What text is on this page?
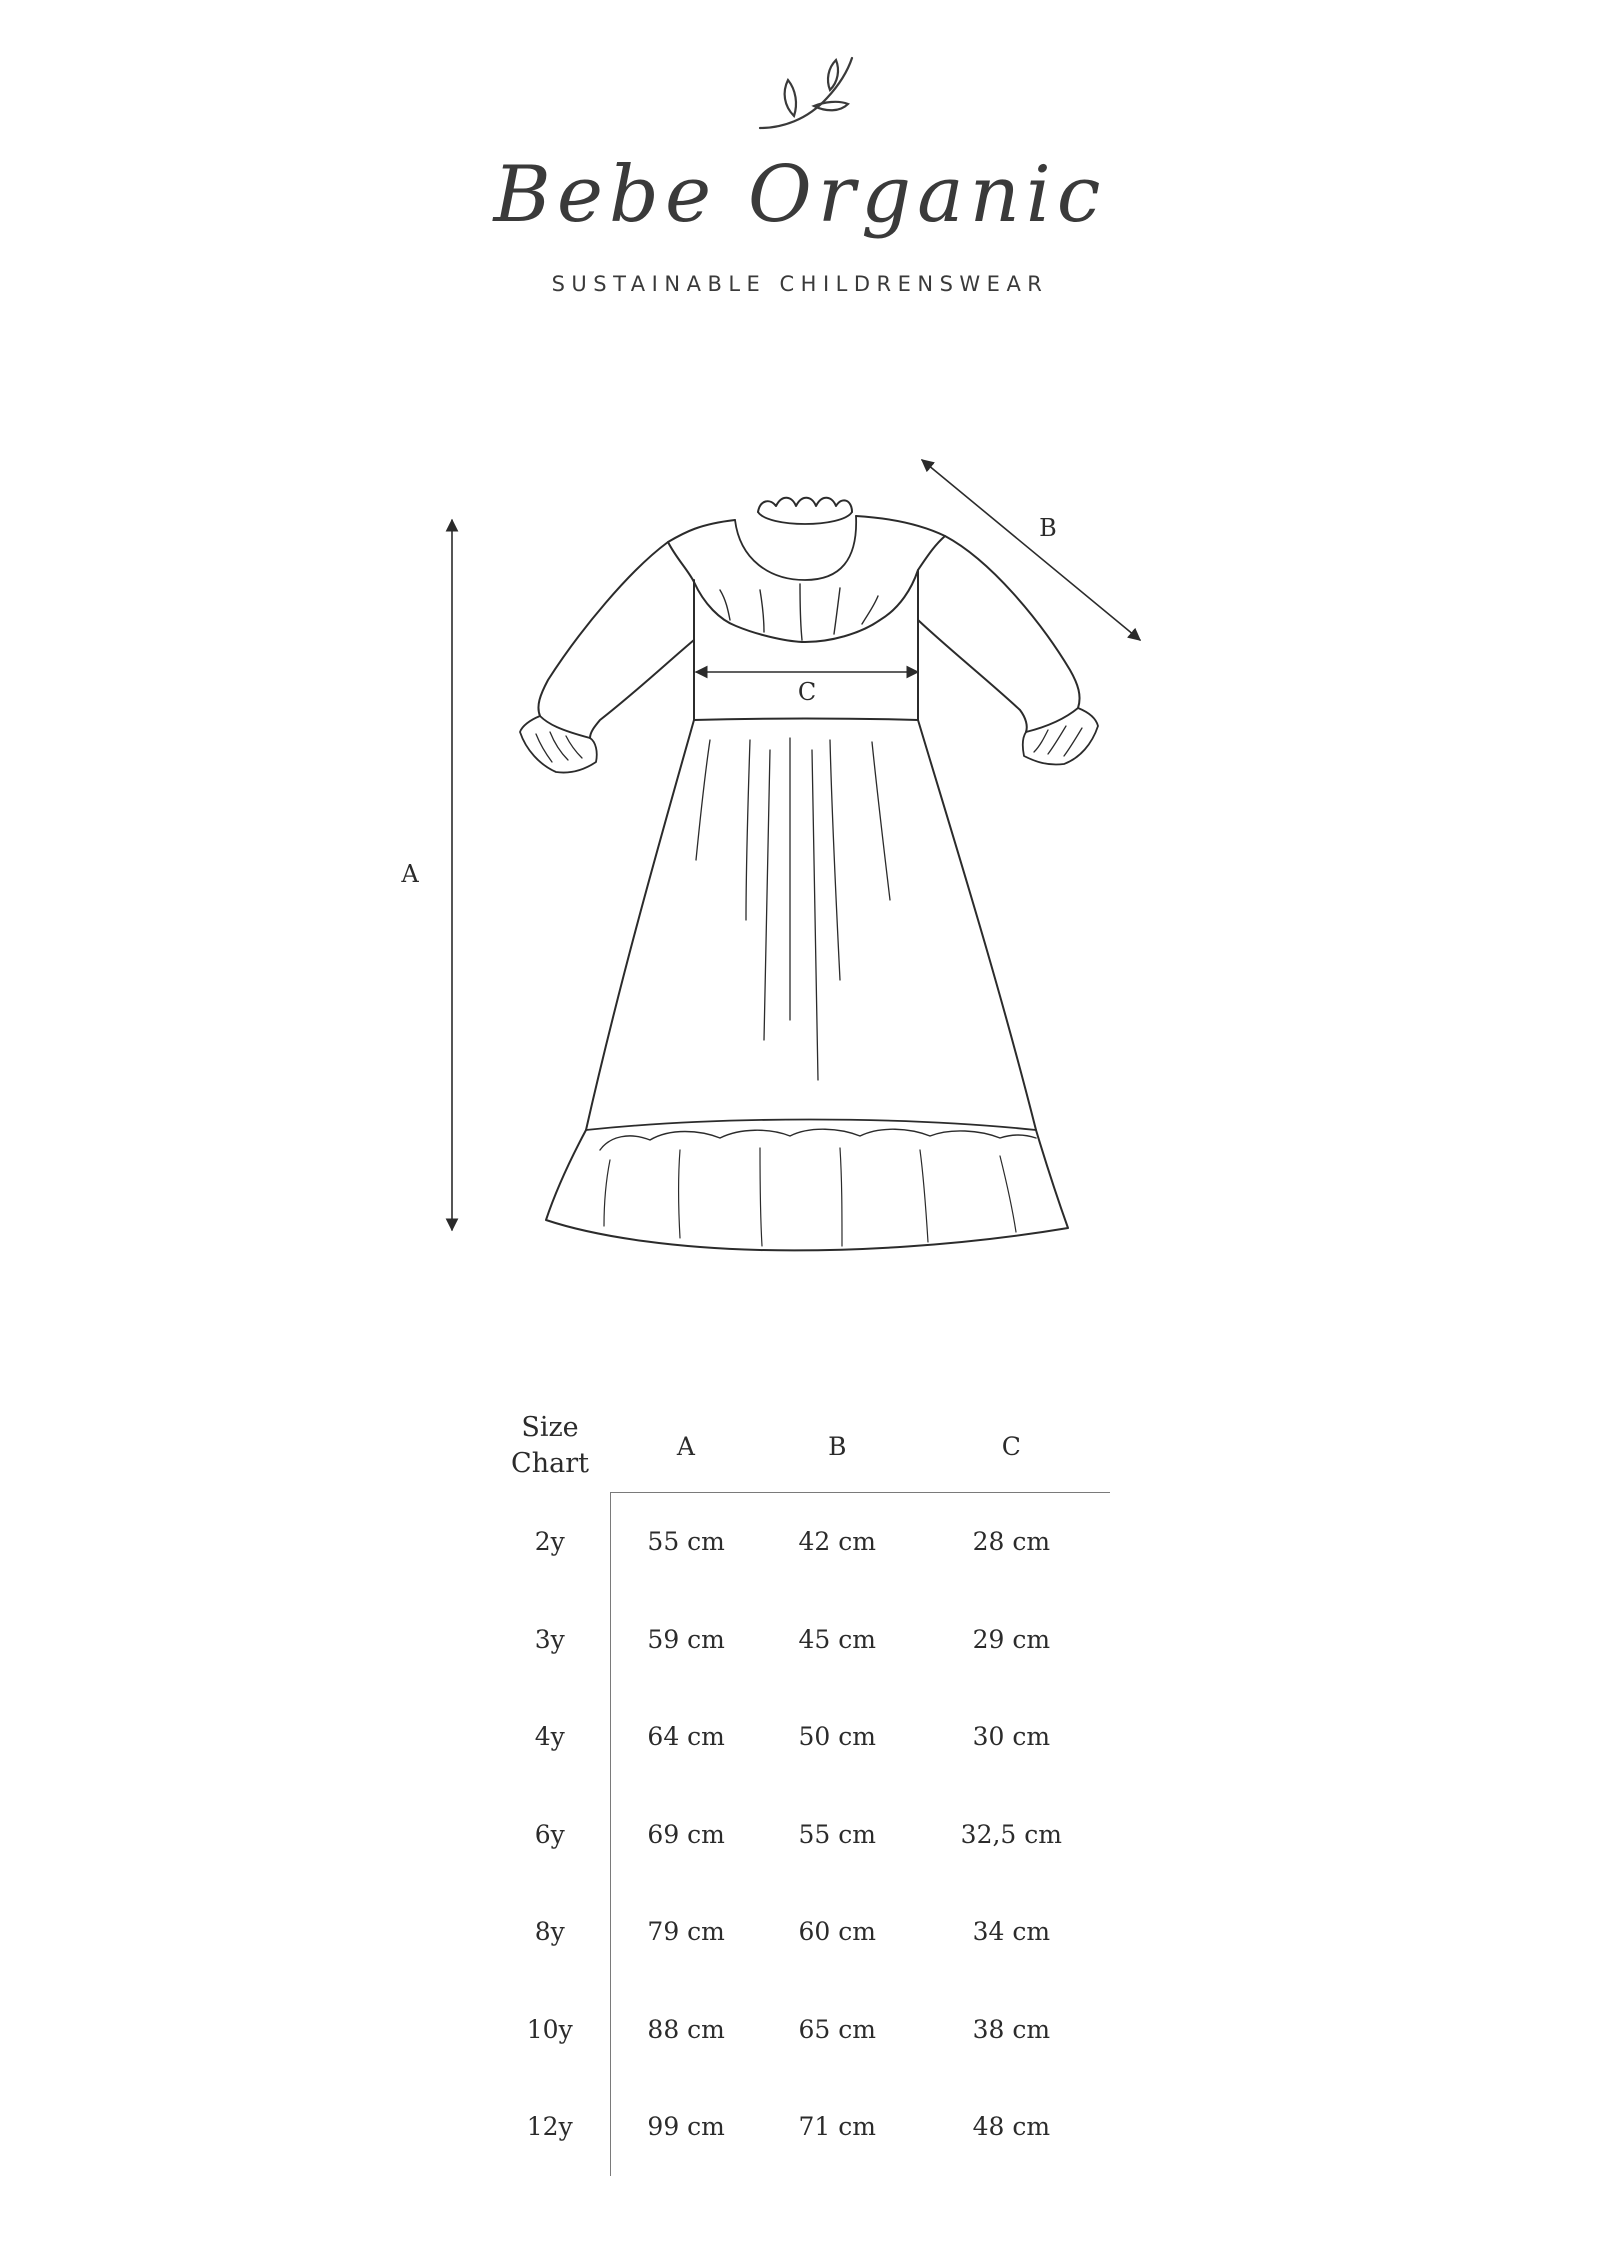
Bebe Organic
SUSTAINABLE CHILDRENSWEAR
A
B
C
Size
Chart	A	B	C
2y	55 cm	42 cm	28 cm
3y	59 cm	45 cm	29 cm
4y	64 cm	50 cm	30 cm
6y	69 cm	55 cm	32,5 cm
8y	79 cm	60 cm	34 cm
10y	88 cm	65 cm	38 cm
12y	99 cm	71 cm	48 cm
